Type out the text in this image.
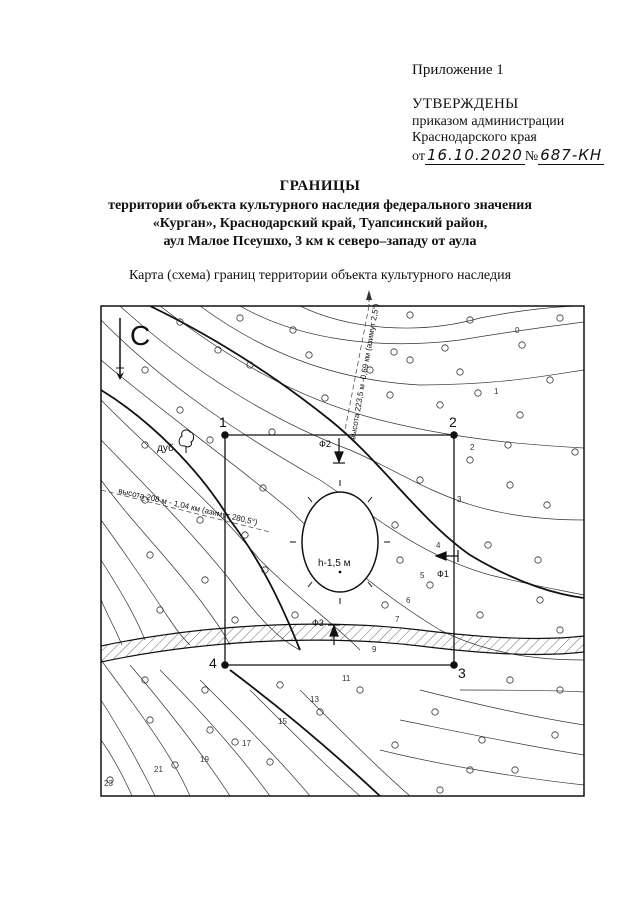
Приложение 1
УТВЕРЖДЕНЫ
приказом администрации
Краснодарского края
от 16.10.2020 № 687-КН
ГРАНИЦЫ
территории объекта культурного наследия федерального значения
«Курган», Краснодарский край, Туапсинский район,
аул Малое Псеушхо, 3 км к северо–западу от аула
Карта (схема) границ территории объекта культурного наследия
С
дуб
высота 208 м - 1,04 км (азимут 280,5°)
высота 223,5 м -0,69 км (азимут 2,5°)
1	2
3
4
h-1,5 м
Ф2
Ф1
Ф3
0
1
2
3
4
5
6
7
9
11
13
15
17
19
21
23
